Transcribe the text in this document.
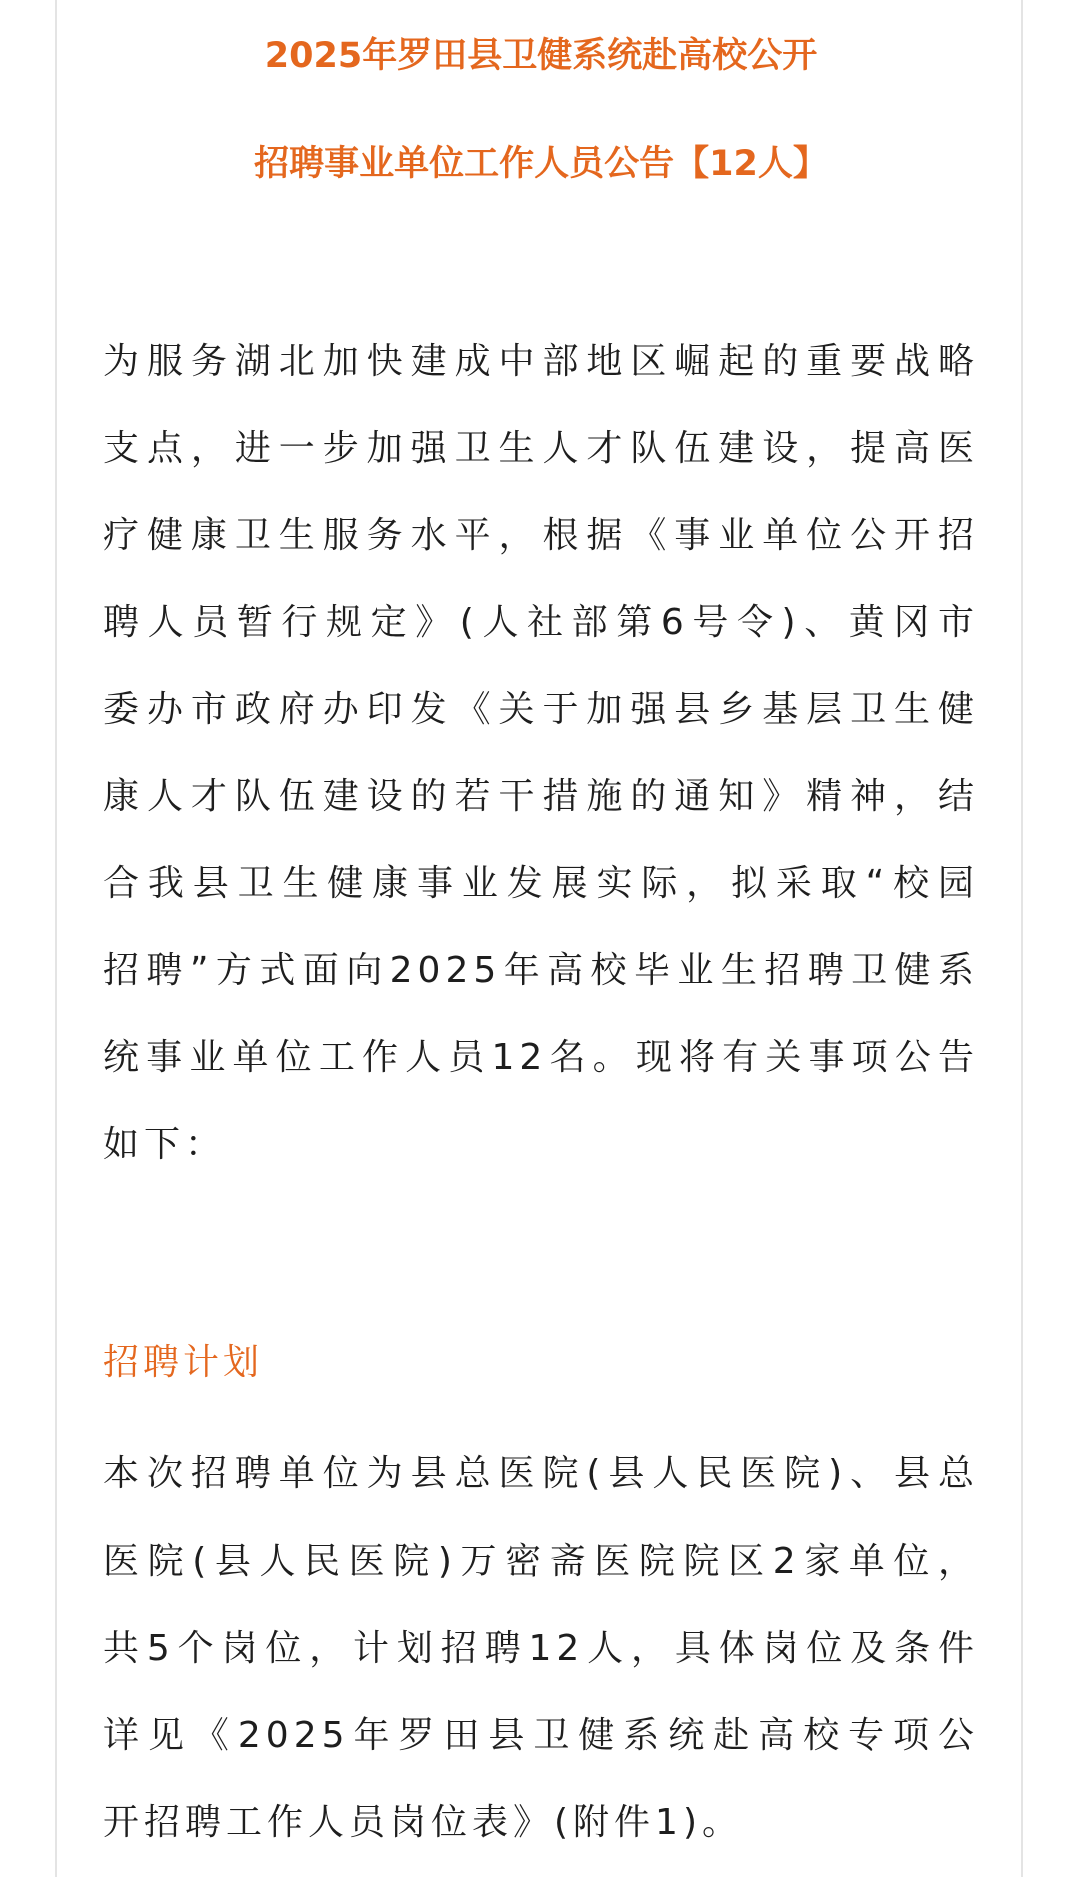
2025年罗田县卫健系统赴高校公开
招聘事业单位工作人员公告【12人】
为服务湖北加快建成中部地区崛起的重要战略
支点，进一步加强卫生人才队伍建设，提高医
疗健康卫生服务水平，根据《事业单位公开招
聘人员暂行规定》(人社部第6号令)、黄冈市
委办市政府办印发《关于加强县乡基层卫生健
康人才队伍建设的若干措施的通知》精神，结
合我县卫生健康事业发展实际，拟采取“校园
招聘”方式面向2025年高校毕业生招聘卫健系
统事业单位工作人员12名。现将有关事项公告
如下：
招聘计划
本次招聘单位为县总医院(县人民医院)、县总
医院(县人民医院)万密斋医院院区2家单位，
共5个岗位，计划招聘12人，具体岗位及条件
详见《2025年罗田县卫健系统赴高校专项公
开招聘工作人员岗位表》(附件1)。
